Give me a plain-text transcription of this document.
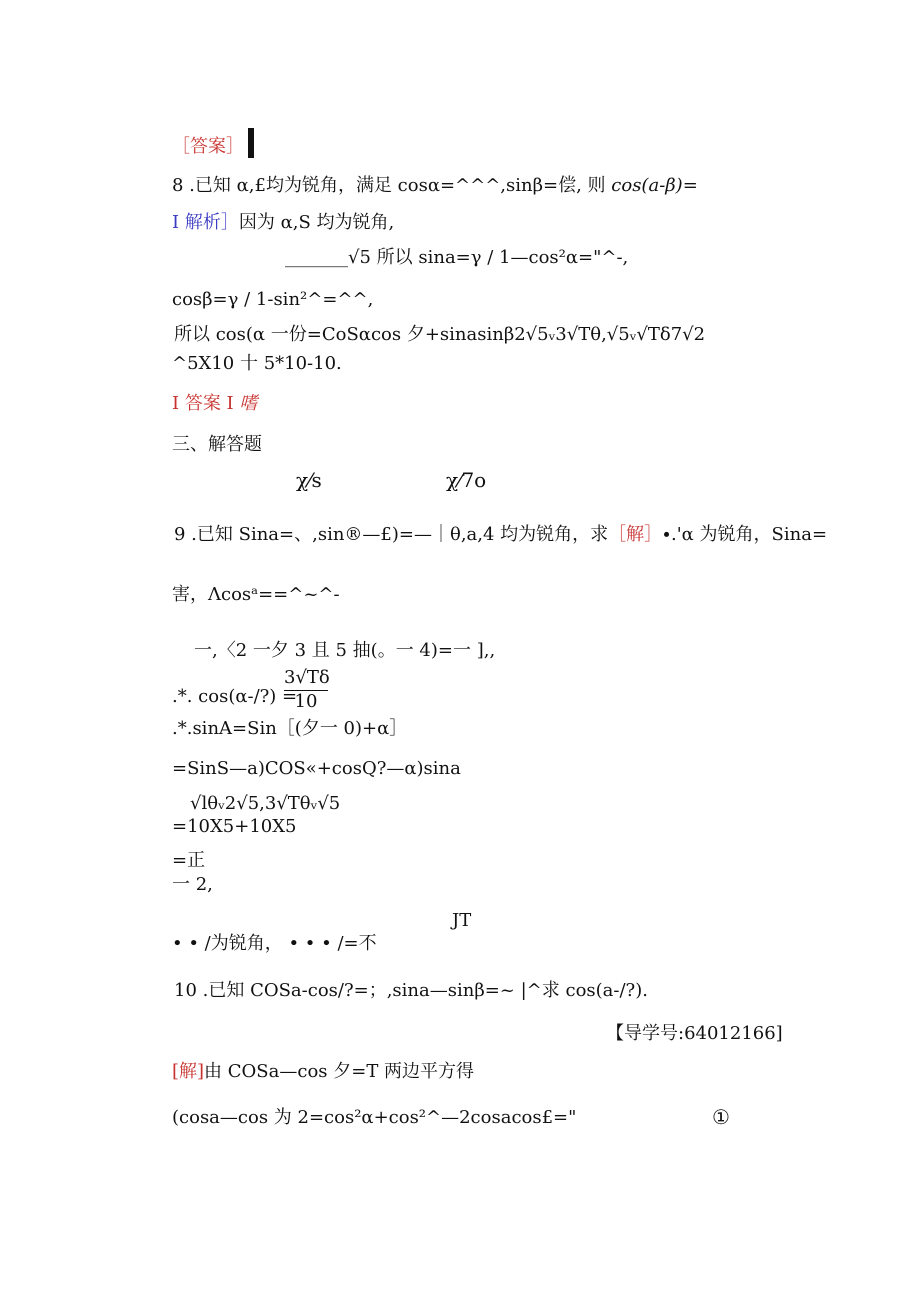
［答案］
8 .已知 α,£均为锐角，满足 cosα=^^^,sinβ=偿, 则 cos(a-β)=
I 解析］因为 α,S 均为锐角,
_______√5 所以 sina=γ / 1—cos²α="^-,
cosβ=γ / 1-sin²^=^^,
所以 cos(α 一份=CoSαcos 夕+sinasinβ2√5ᵥ3√Tθ,√5ᵥ√Tδ7√2
^5X10 十 5*10-10.
I 答案 I 嗜
三、解答题
χ⁄s	χ⁄7o
9 .已知 Sina=、,sin®—£)=—｜θ,a,4 均为锐角，求［解］∙.'α 为锐角，Sina=
害，Λcosᵃ==^~^-
一,〈2 一夕 3 且 5 抽(。一 4)=一 ],,
.*. cos(α-/?) =
3√Tδ
10
.*.sinA=Sin［(夕一 0)+α］
=SinS—a)COS«+cosQ?—α)sina
√lθᵥ2√5,3√Tθᵥ√5
=10X5+10X5
=正
一 2,
JT
• • /为锐角， • • • /=不
10 .已知 COSa-cos/?=；,sina—sinβ=~ |^求 cos(a-/?).
【导学号:64012166]
[解]由 COSa—cos 夕=T 两边平方得
(cosa—cos 为 2=cos²α+cos²^—2cosacos£="	①
